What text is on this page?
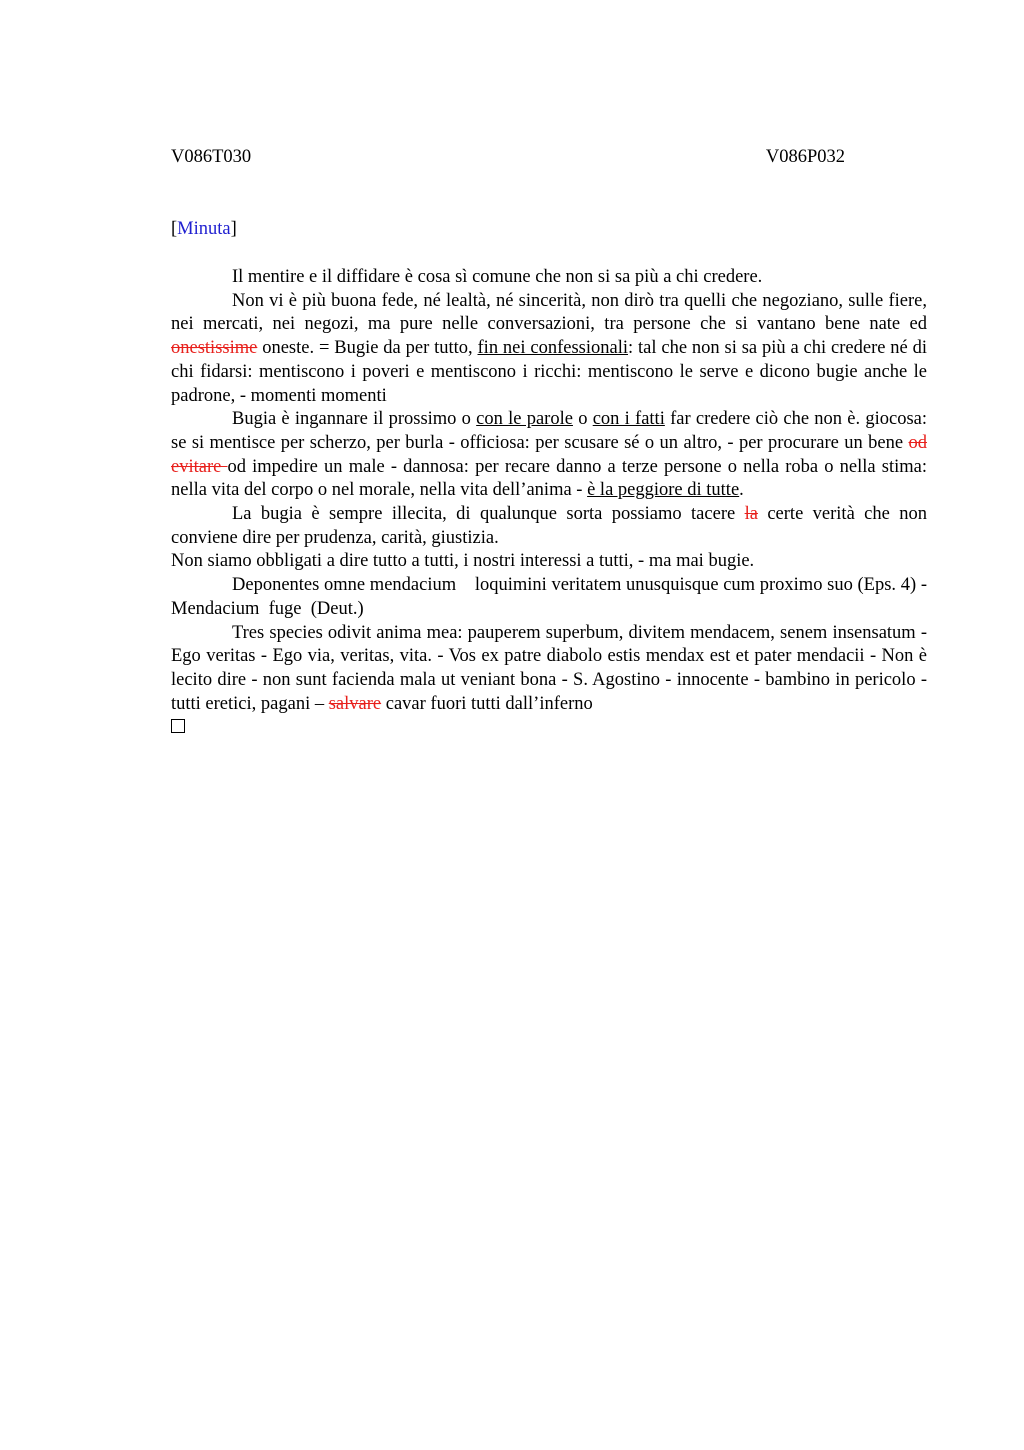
V086T030	V086P032
[Minuta]

Il mentire e il diffidare è cosa sì comune che non si sa più a chi credere.

Non vi è più buona fede, né lealtà, né sincerità, non dirò tra quelli che negoziano, sulle fiere, nei mercati, nei negozi, ma pure nelle conversazioni, tra persone che si vantano bene nate ed onestissime oneste. = Bugie da per tutto, fin nei confessionali: tal che non si sa più a chi credere né di chi fidarsi: mentiscono i poveri e mentiscono i ricchi: mentiscono le serve e dicono bugie anche le padrone, - momenti momenti

Bugia è ingannare il prossimo o con le parole o con i fatti far credere ciò che non è. giocosa: se si mentisce per scherzo, per burla - officiosa: per scusare sé o un altro, - per procurare un bene od evitare od impedire un male - dannosa: per recare danno a terze persone o nella roba o nella stima: nella vita del corpo o nel morale, nella vita dell’anima - è la peggiore di tutte.

La bugia è sempre illecita, di qualunque sorta possiamo tacere la certe verità che non conviene dire per prudenza, carità, giustizia.

Non siamo obbligati a dire tutto a tutti, i nostri interessi a tutti, - ma mai bugie.

Deponentes omne mendacium    loquimini veritatem unusquisque cum proximo suo (Eps. 4) - Mendacium  fuge  (Deut.)

Tres species odivit anima mea: pauperem superbum, divitem mendacem, senem insensatum - Ego veritas - Ego via, veritas, vita. - Vos ex patre diabolo estis mendax est et pater mendacii - Non è lecito dire - non sunt facienda mala ut veniant bona - S. Agostino - innocente - bambino in pericolo - tutti eretici, pagani – salvare cavar fuori tutti dall’inferno
